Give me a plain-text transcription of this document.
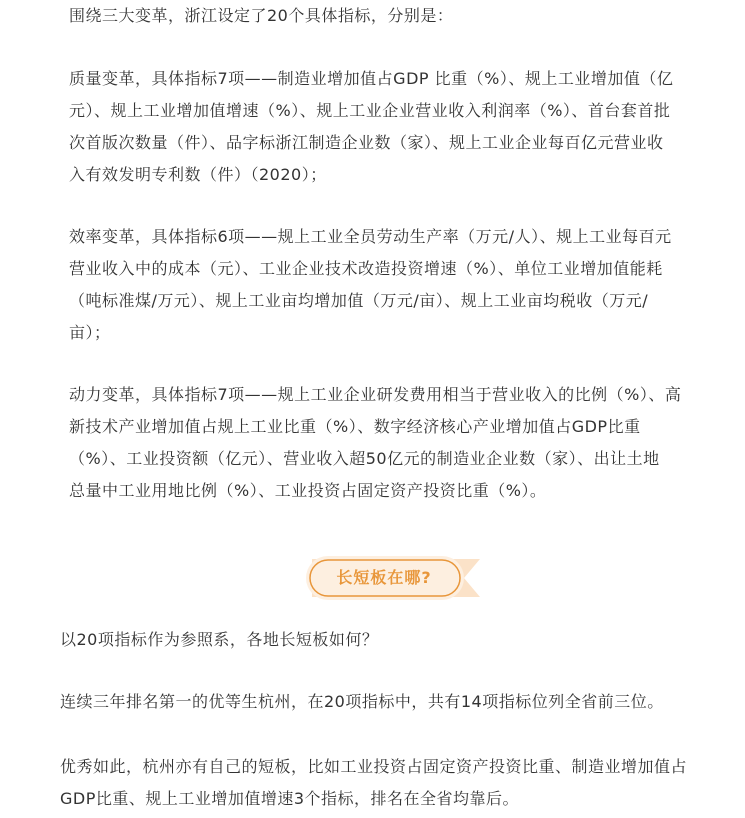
围绕三大变革，浙江设定了20个具体指标，分别是：

质量变革，具体指标7项——制造业增加值占GDP 比重（%）、规上工业增加值（亿
元）、规上工业增加值增速（%）、规上工业企业营业收入利润率（%）、首台套首批
次首版次数量（件）、品字标浙江制造企业数（家）、规上工业企业每百亿元营业收
入有效发明专利数（件）（2020）；

效率变革，具体指标6项——规上工业全员劳动生产率（万元/人）、规上工业每百元
营业收入中的成本（元）、工业企业技术改造投资增速（%）、单位工业增加值能耗
（吨标准煤/万元）、规上工业亩均增加值（万元/亩）、规上工业亩均税收（万元/
亩）；

动力变革，具体指标7项——规上工业企业研发费用相当于营业收入的比例（%）、高
新技术产业增加值占规上工业比重（%）、数字经济核心产业增加值占GDP比重
（%）、工业投资额（亿元）、营业收入超50亿元的制造业企业数（家）、出让土地
总量中工业用地比例（%）、工业投资占固定资产投资比重（%）。

长短板在哪?

以20项指标作为参照系，各地长短板如何？

连续三年排名第一的优等生杭州，在20项指标中，共有14项指标位列全省前三位。

优秀如此，杭州亦有自己的短板，比如工业投资占固定资产投资比重、制造业增加值占
GDP比重、规上工业增加值增速3个指标，排名在全省均靠后。
